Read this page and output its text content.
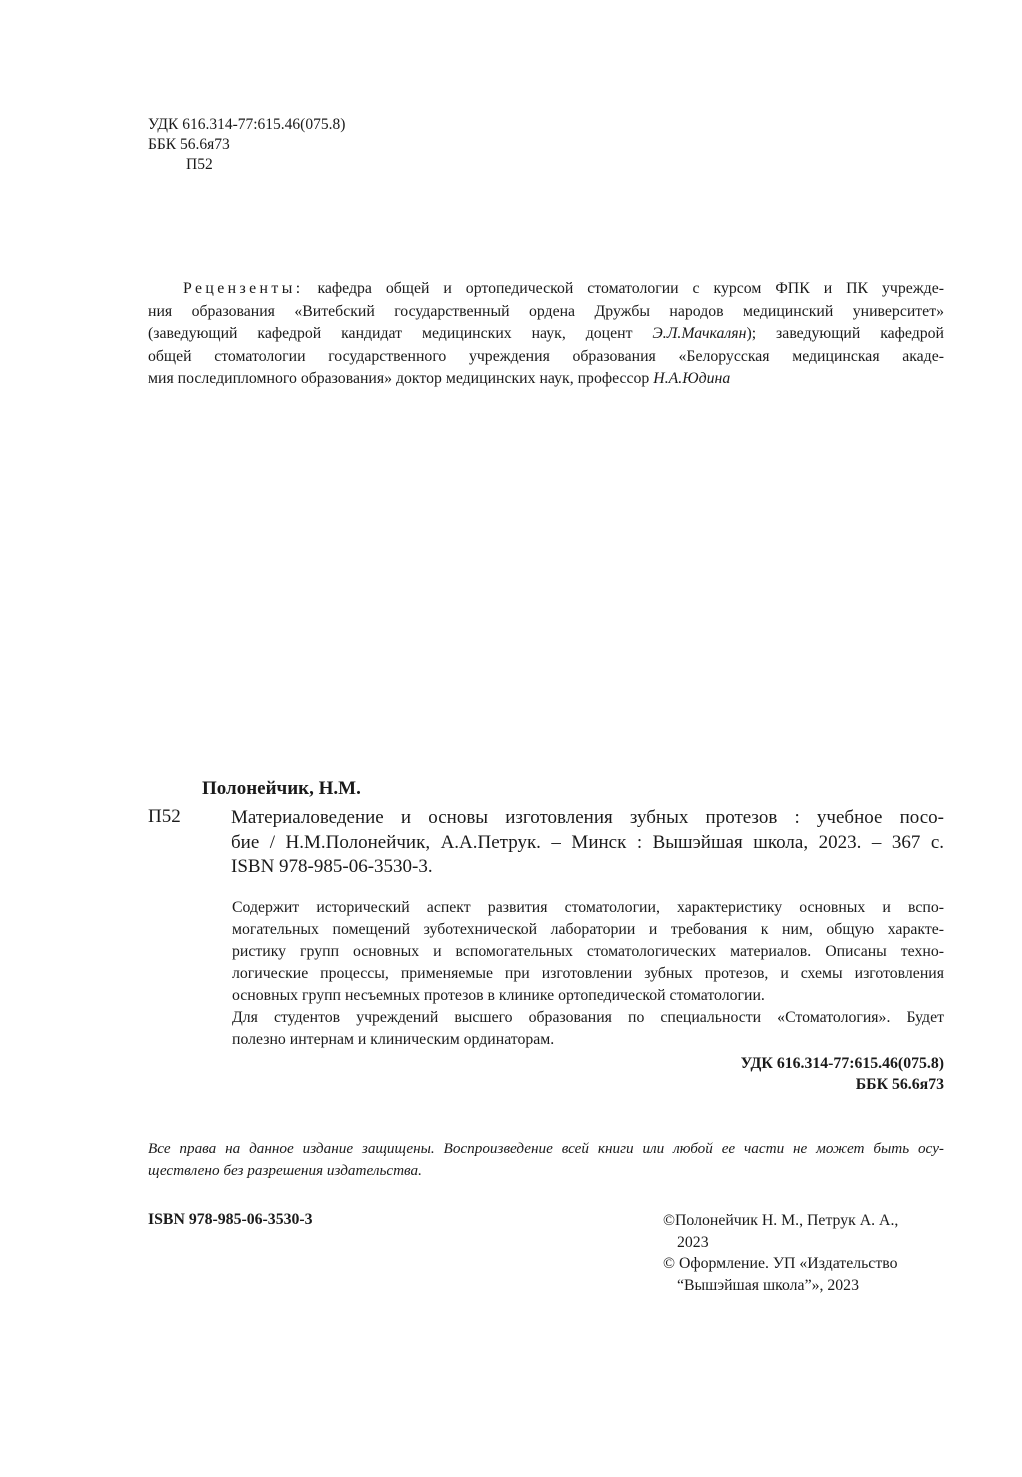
УДК 616.314-77:615.46(075.8)
ББК 56.6я73
П52

Рецензенты: кафедра общей и ортопедической стоматологии с курсом ФПК и ПК учрежде-

ния образования «Витебский государственный ордена Дружбы народов медицинский университет»

(заведующий кафедрой кандидат медицинских наук, доцент Э.Л.Мачкалян); заведующий кафедрой

общей стоматологии государственного учреждения образования «Белорусская медицинская акаде-

мия последипломного образования» доктор медицинских наук, профессор Н.А.Юдина

Полонейчик, Н.М.
П52	Материаловедение и основы изготовления зубных протезов : учебное посо-

бие / Н.М.Полонейчик, А.А.Петрук. – Минск : Вышэйшая школа, 2023. – 367 с.

ISBN 978-985-06-3530-3.

Содержит исторический аспект развития стоматологии, характеристику основных и вспо-

могательных помещений зуботехнической лаборатории и требования к ним, общую характе-

ристику групп основных и вспомогательных стоматологических материалов. Описаны техно-

логические процессы, применяемые при изготовлении зубных протезов, и схемы изготовления

основных групп несъемных протезов в клинике ортопедической стоматологии.

Для студентов учреждений высшего образования по специальности «Стоматология». Будет

полезно интернам и клиническим ординаторам.

УДК 616.314-77:615.46(075.8)
ББК 56.6я73

Все права на данное издание защищены. Воспроизведение всей книги или любой ее части не может быть осу-

ществлено без разрешения издательства.

ISBN 978-985-06-3530-3	©Полонейчик Н. М., Петрук А. А.,
2023
© Оформление. УП «Издательство
“Вышэйшая школа”», 2023
